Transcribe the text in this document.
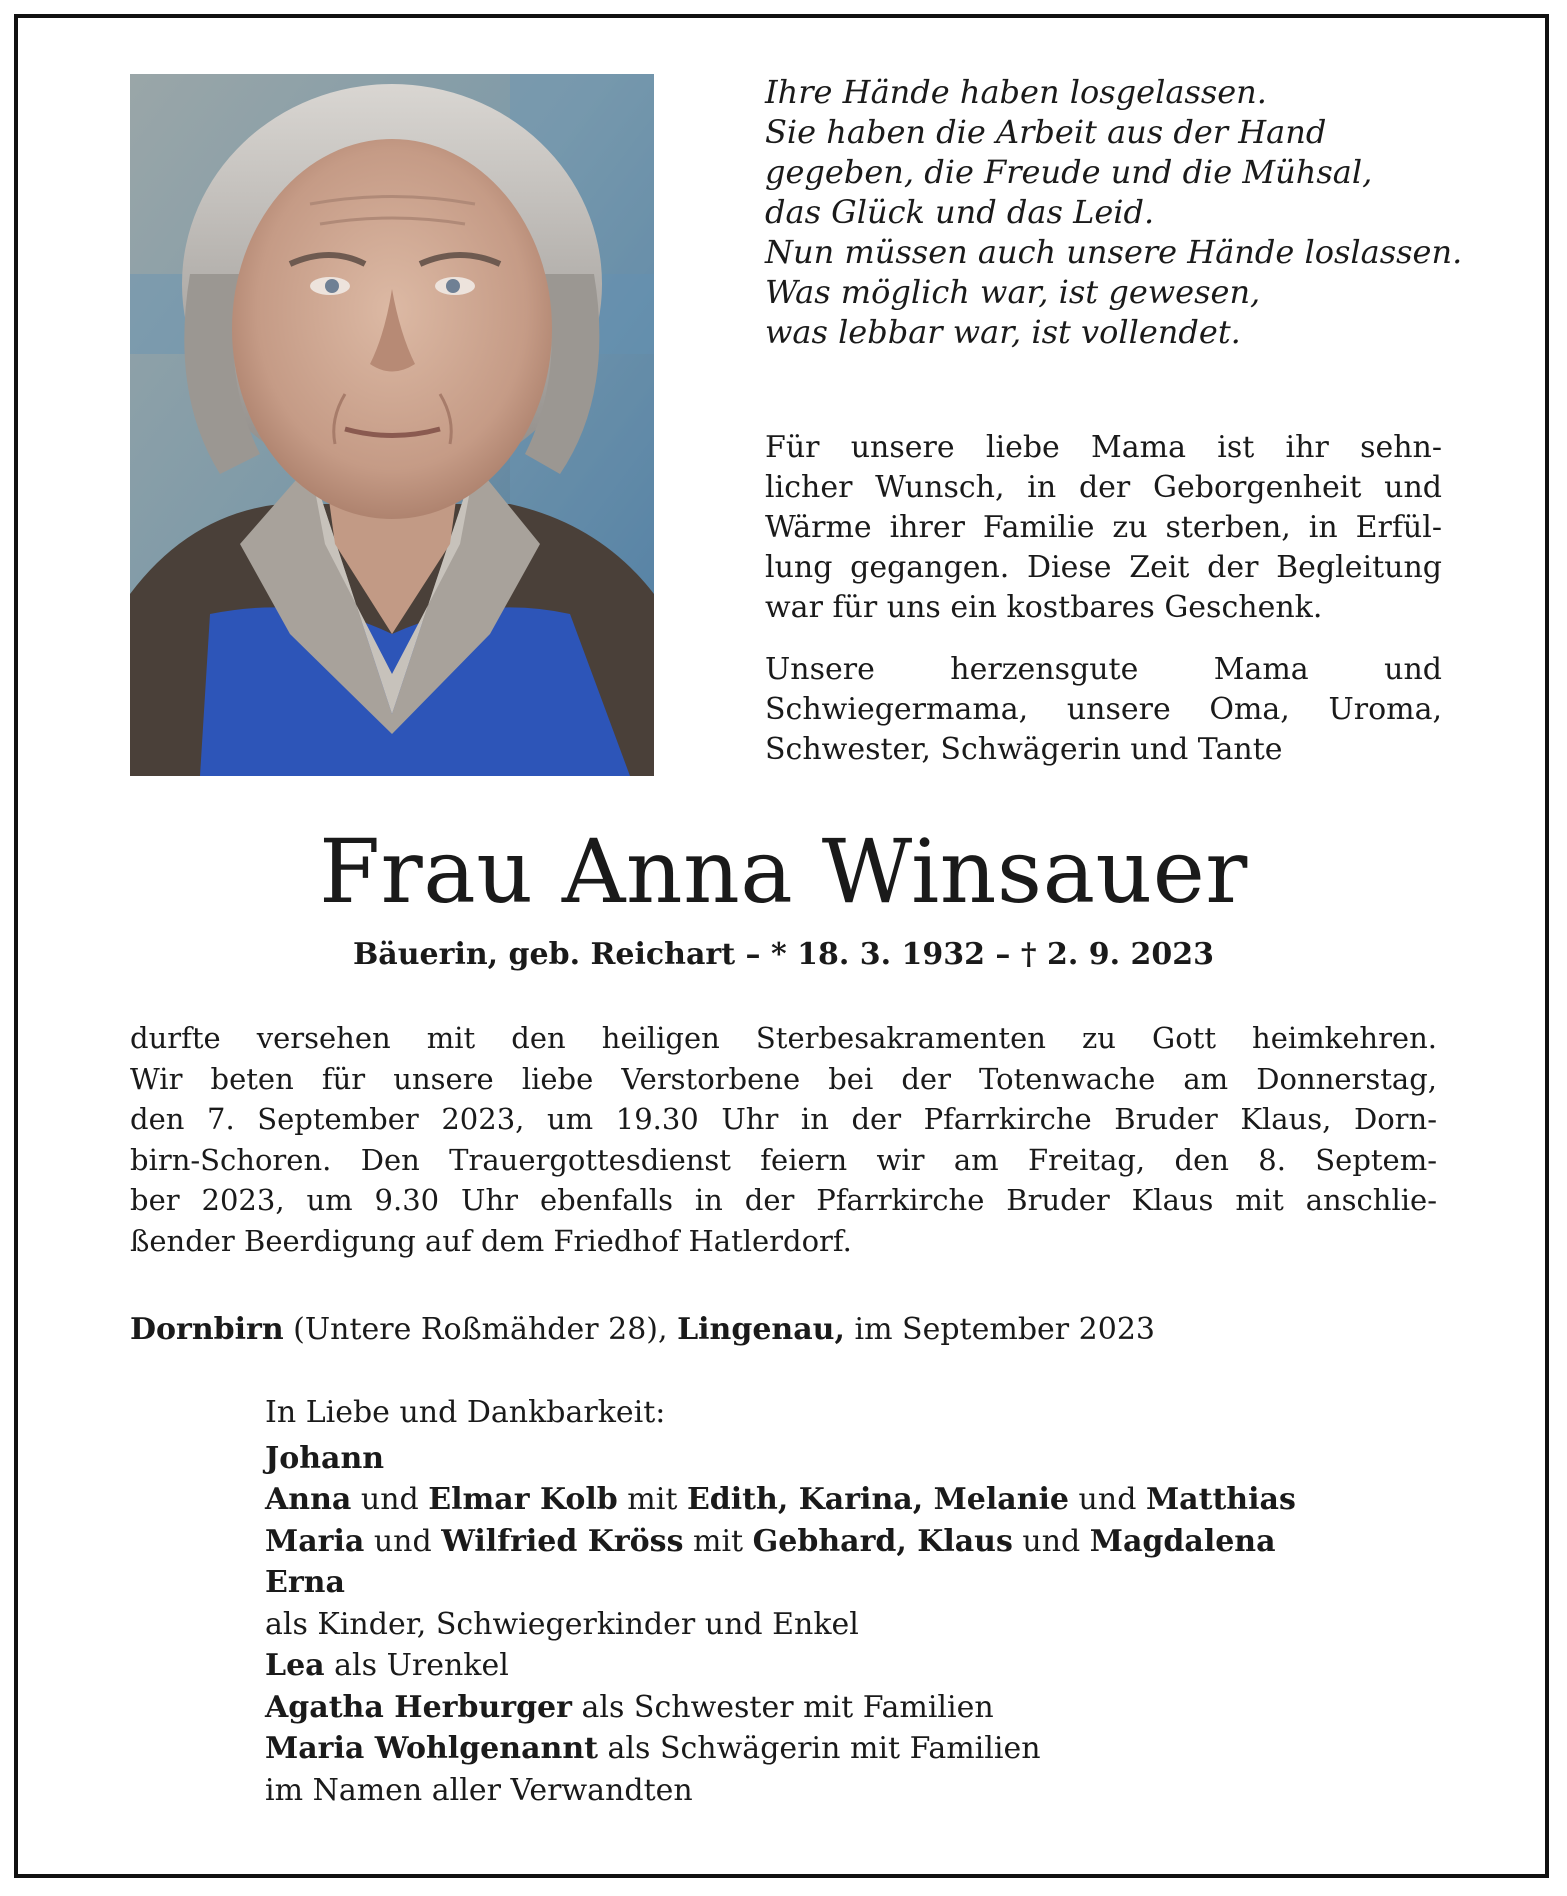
Ihre Hände haben losgelassen.
Sie haben die Arbeit aus der Hand
gegeben, die Freude und die Mühsal,
das Glück und das Leid.
Nun müssen auch unsere Hände loslassen.
Was möglich war, ist gewesen,
was lebbar war, ist vollendet.
Für unsere liebe Mama ist ihr sehn-
licher Wunsch, in der Geborgenheit und
Wärme ihrer Familie zu sterben, in Erfül-
lung gegangen. Diese Zeit der Begleitung
war für uns ein kostbares Geschenk.
Unsere herzensgute Mama und
Schwiegermama, unsere Oma, Uroma,
Schwester, Schwägerin und Tante
Frau Anna Winsauer
Bäuerin, geb. Reichart – * 18. 3. 1932 – † 2. 9. 2023
durfte versehen mit den heiligen Sterbesakramenten zu Gott heimkehren.
Wir beten für unsere liebe Verstorbene bei der Totenwache am Donnerstag,
den 7. September 2023, um 19.30 Uhr in der Pfarrkirche Bruder Klaus, Dorn-
birn-Schoren. Den Trauergottesdienst feiern wir am Freitag, den 8. Septem-
ber 2023, um 9.30 Uhr ebenfalls in der Pfarrkirche Bruder Klaus mit anschlie-
ßender Beerdigung auf dem Friedhof Hatlerdorf.
Dornbirn (Untere Roßmähder 28), Lingenau, im September 2023
In Liebe und Dankbarkeit:
Johann
Anna und Elmar Kolb mit Edith, Karina, Melanie und Matthias
Maria und Wilfried Kröss mit Gebhard, Klaus und Magdalena
Erna
als Kinder, Schwiegerkinder und Enkel
Lea als Urenkel
Agatha Herburger als Schwester mit Familien
Maria Wohlgenannt als Schwägerin mit Familien
im Namen aller Verwandten
